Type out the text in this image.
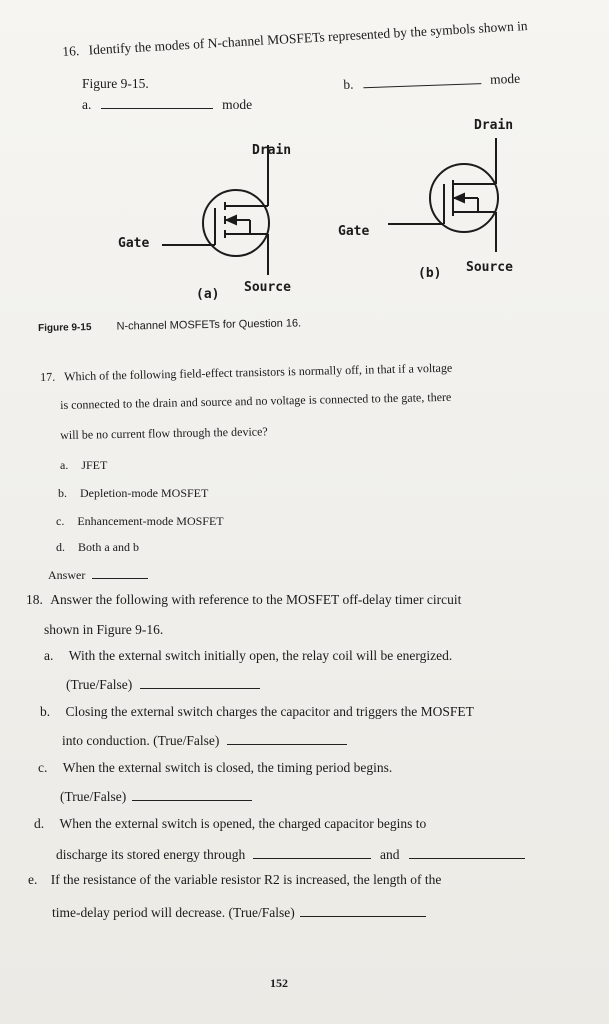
16. Identify the modes of N-channel MOSFETs represented by the symbols shown in
Figure 9-15.
a.	mode
b.	mode
Drain
Gate
Source
(a)
Drain
Gate
Source
(b)
Figure 9-15 N-channel MOSFETs for Question 16.
17. Which of the following field-effect transistors is normally off, in that if a voltage
is connected to the drain and source and no voltage is connected to the gate, there
will be no current flow through the device?
a. JFET
b. Depletion-mode MOSFET
c. Enhancement-mode MOSFET
d. Both a and b
Answer
18. Answer the following with reference to the MOSFET off-delay timer circuit
shown in Figure 9-16.
a. With the external switch initially open, the relay coil will be energized.
(True/False)
b. Closing the external switch charges the capacitor and triggers the MOSFET
into conduction. (True/False)
c. When the external switch is closed, the timing period begins.
(True/False)
d. When the external switch is opened, the charged capacitor begins to
discharge its stored energy through	and
e. If the resistance of the variable resistor R2 is increased, the length of the
time-delay period will decrease. (True/False)
152
